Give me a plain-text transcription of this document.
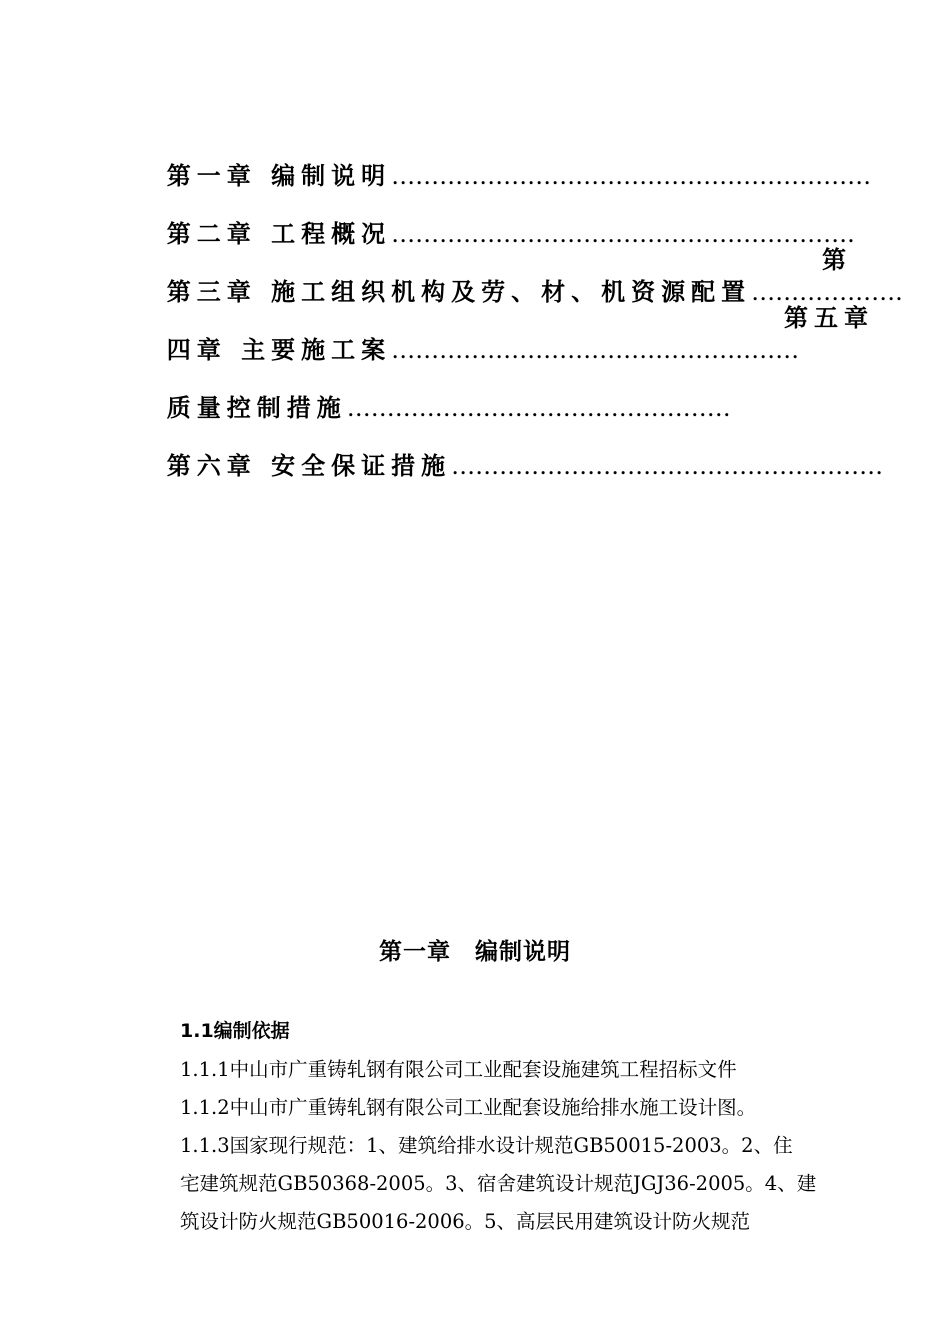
第一章 编制说明……………………………………………………

第二章 工程概况………………………………………………….

第三章 施工组织机构及劳、材、机资源配置……………….

第

四章 主要施工案……………………………………………

第五章

质量控制措施…………………………………………

第六章 安全保证措施………………………………………………

第一章　编制说明
1.1编制依据
1.1.1中山市广重铸轧钢有限公司工业配套设施建筑工程招标文件
1.1.2中山市广重铸轧钢有限公司工业配套设施给排水施工设计图。
1.1.3国家现行规范：1、建筑给排水设计规范GB50015-2003。2、住
宅建筑规范GB50368-2005。3、宿舍建筑设计规范JGJ36-2005。4、建
筑设计防火规范GB50016-2006。5、高层民用建筑设计防火规范
